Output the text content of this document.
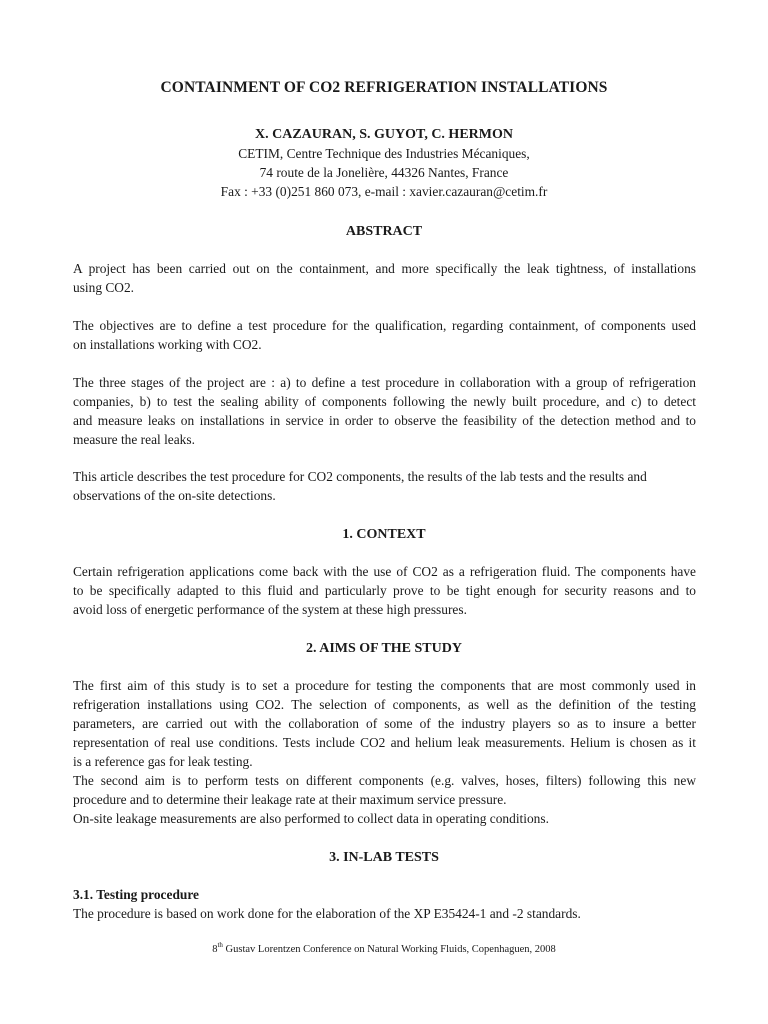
CONTAINMENT OF CO2 REFRIGERATION INSTALLATIONS
X. CAZAURAN, S. GUYOT, C. HERMON
CETIM, Centre Technique des Industries Mécaniques,
74 route de la Jonelière, 44326 Nantes, France
Fax : +33 (0)251 860 073, e-mail : xavier.cazauran@cetim.fr
ABSTRACT
A project has been carried out on the containment, and more specifically the leak tightness, of installations
using CO2.
The objectives are to define a test procedure for the qualification, regarding containment, of components used
on installations working with CO2.
The three stages of the project are : a) to define a test procedure in collaboration with a group of refrigeration
companies, b) to test the sealing ability of components following the newly built procedure, and c) to detect
and measure leaks on installations in service in order to observe the feasibility of the detection method and to
measure the real leaks.
This article describes the test procedure for CO2 components, the results of the lab tests and the results and
observations of the on-site detections.
1. CONTEXT
Certain refrigeration applications come back with the use of CO2 as a refrigeration fluid. The components have
to be specifically adapted to this fluid and particularly prove to be tight enough for security reasons and to
avoid loss of energetic performance of the system at these high pressures.
2. AIMS OF THE STUDY
The first aim of this study is to set a procedure for testing the components that are most commonly used in
refrigeration installations using CO2. The selection of components, as well as the definition of the testing
parameters, are carried out with the collaboration of some of the industry players so as to insure a better
representation of real use conditions. Tests include CO2 and helium leak measurements. Helium is chosen as it
is a reference gas for leak testing.
The second aim is to perform tests on different components (e.g. valves, hoses, filters) following this new
procedure and to determine their leakage rate at their maximum service pressure.
On-site leakage measurements are also performed to collect data in operating conditions.
3. IN-LAB TESTS
3.1. Testing procedure
The procedure is based on work done for the elaboration of the XP E35424-1 and -2 standards.
8th Gustav Lorentzen Conference on Natural Working Fluids, Copenhaguen, 2008
